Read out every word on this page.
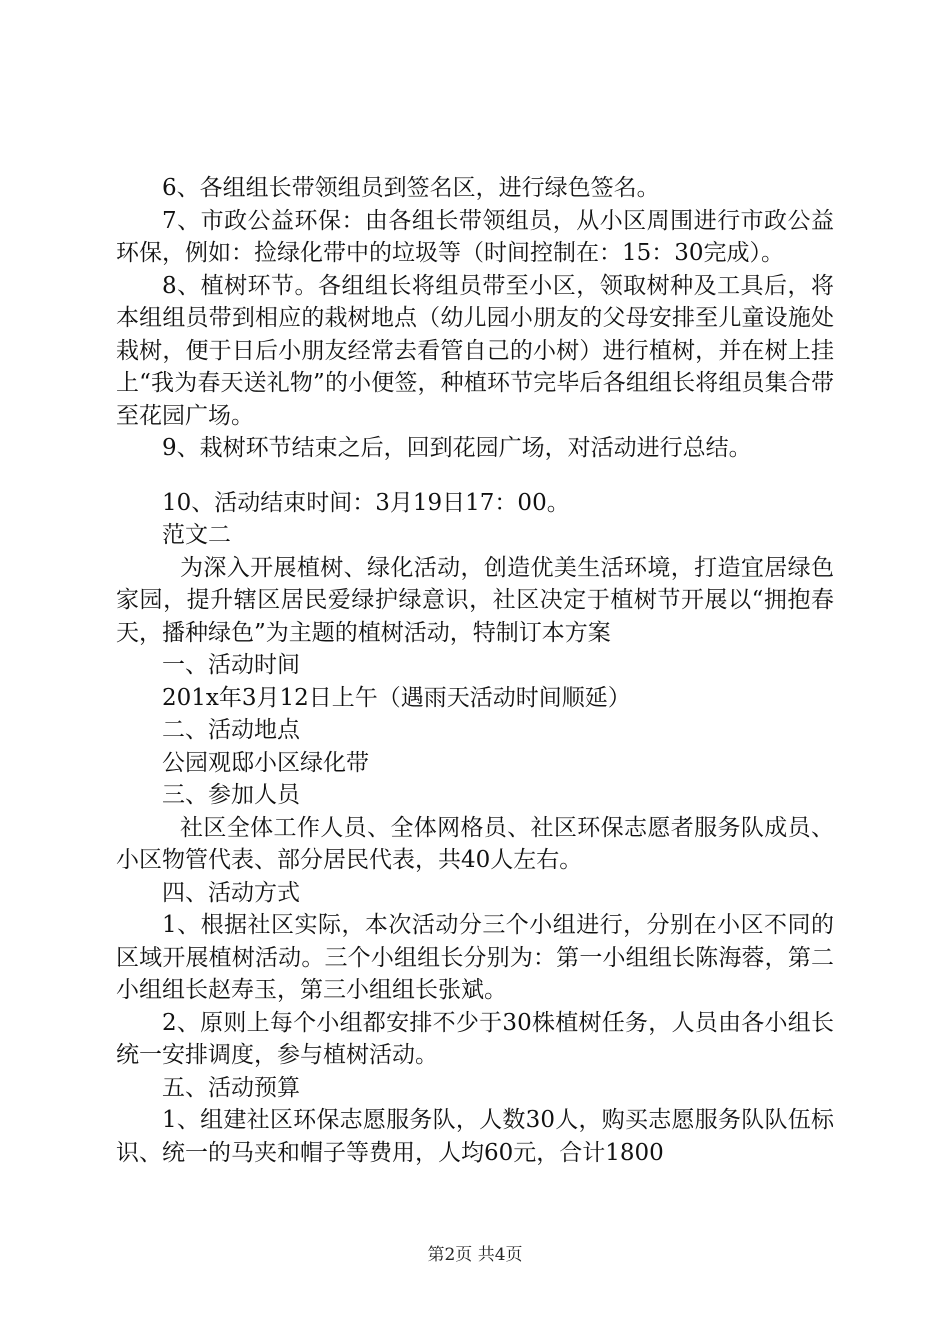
6、各组组长带领组员到签名区，进行绿色签名。

7、市政公益环保：由各组长带领组员，从小区周围进行市政公益环保，例如：捡绿化带中的垃圾等（时间控制在：15：30完成）。

8、植树环节。各组组长将组员带至小区，领取树种及工具后，将本组组员带到相应的栽树地点（幼儿园小朋友的父母安排至儿童设施处栽树，便于日后小朋友经常去看管自己的小树）进行植树，并在树上挂上“我为春天送礼物”的小便签，种植环节完毕后各组组长将组员集合带至花园广场。

9、栽树环节结束之后，回到花园广场，对活动进行总结。

10、活动结束时间：3月19日17：00。

范文二

为深入开展植树、绿化活动，创造优美生活环境，打造宜居绿色家园，提升辖区居民爱绿护绿意识，社区决定于植树节开展以“拥抱春天，播种绿色”为主题的植树活动，特制订本方案

一、活动时间

201x年3月12日上午（遇雨天活动时间顺延）

二、活动地点

公园观邸小区绿化带

三、参加人员

社区全体工作人员、全体网格员、社区环保志愿者服务队成员、小区物管代表、部分居民代表，共40人左右。

四、活动方式

1、根据社区实际，本次活动分三个小组进行，分别在小区不同的区域开展植树活动。三个小组组长分别为：第一小组组长陈海蓉，第二小组组长赵寿玉，第三小组组长张斌。

2、原则上每个小组都安排不少于30株植树任务，人员由各小组长统一安排调度，参与植树活动。

五、活动预算

1、组建社区环保志愿服务队，人数30人，购买志愿服务队队伍标识、统一的马夹和帽子等费用，人均60元，合计1800

第2页 共4页
